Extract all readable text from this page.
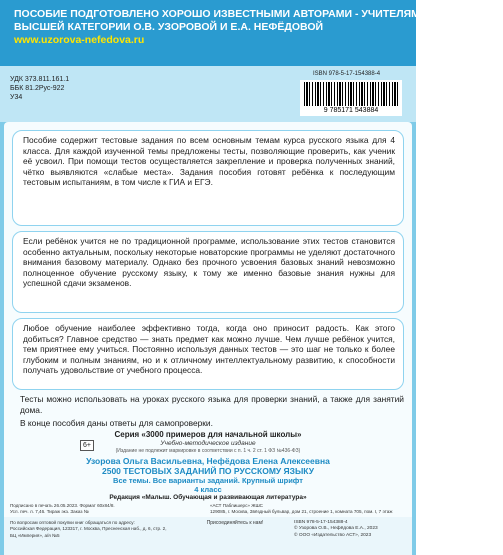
ПОСОБИЕ ПОДГОТОВЛЕНО ХОРОШО ИЗВЕСТНЫМИ АВТОРАМИ - УЧИТЕЛЯМИ-ПРАКТИКАМИ
ВЫСШЕЙ КАТЕГОРИИ О.В. УЗОРОВОЙ И Е.А. НЕФЁДОВОЙ
www.uzorova-nefedova.ru
УДК 373.811.161.1
ББК 81.2Рус-922
У34
ISBN 978-5-17-154388-4
9 785171 543884
Пособие содержит тестовые задания по всем основным темам курса русского языка для 4 класса. Для каждой изученной темы предложены тесты, позволяющие проверить, как ученик её усвоил. При помощи тестов осуществляется закрепление и проверка полученных знаний, чётко выявляются «слабые места». Задания пособия готовят ребёнка к последующим тестовым испытаниям, в том числе к ГИА и ЕГЭ.
Если ребёнок учится не по традиционной программе, использование этих тестов становится особенно актуальным, поскольку некоторые новаторские программы не уделяют достаточного внимания базовому материалу. Однако без прочного усвоения базовых знаний невозможно полноценное обучение русскому языку, к тому же именно базовые знания нужны для успешной сдачи экзаменов.
Любое обучение наиболее эффективно тогда, когда оно приносит радость. Как этого добиться? Главное средство — знать предмет как можно лучше. Чем лучше ребёнок учится, тем приятнее ему учиться. Постоянно используя данных тестов — это шаг не только к более глубоким и полным знаниям, но и к отличному интеллектуальному развитию, к способности получать удовольствие от учебного процесса.
Тесты можно использовать на уроках русского языка для проверки знаний, а также для занятий дома.
В конце пособия даны ответы для самопроверки.
Серия «3000 примеров для начальной школы»
Учебно-методическое издание
(Издание не подлежит маркировке в соответствии с п. 1 ч. 2 ст. 1 ФЗ №436-ФЗ)
6+
Узорова Ольга Васильевна, Нефёдова Елена Алексеевна
2500 ТЕСТОВЫХ ЗАДАНИЙ ПО РУССКОМУ ЯЗЫКУ
Все темы. Все варианты заданий. Крупный шрифт
4 класс
Редакция «Малыш. Обучающая и развивающая литература»
Подписано в печать 26.05.2023. Формат 60х84/8.
Усл. печ. л. 7,46. Тираж экз. Заказ №
«АСТ Паблишерс» ЖШС
129085, г. Москва, Звёздный бульвар, дом 21, строение 1, комната 705, пом. I, 7 этаж
По вопросам оптовой покупки книг обращаться по адресу:
Российская Федерация, 123317, г. Москва, Пресненская наб., д. 6, стр. 2,
БЦ «Империя», а/я №5
Присоединяйтесь к нам!	ISBN 978-5-17-154388-4
© Узорова О.В., Нефёдова Е.А., 2023
© ООО «Издательство АСТ», 2023
